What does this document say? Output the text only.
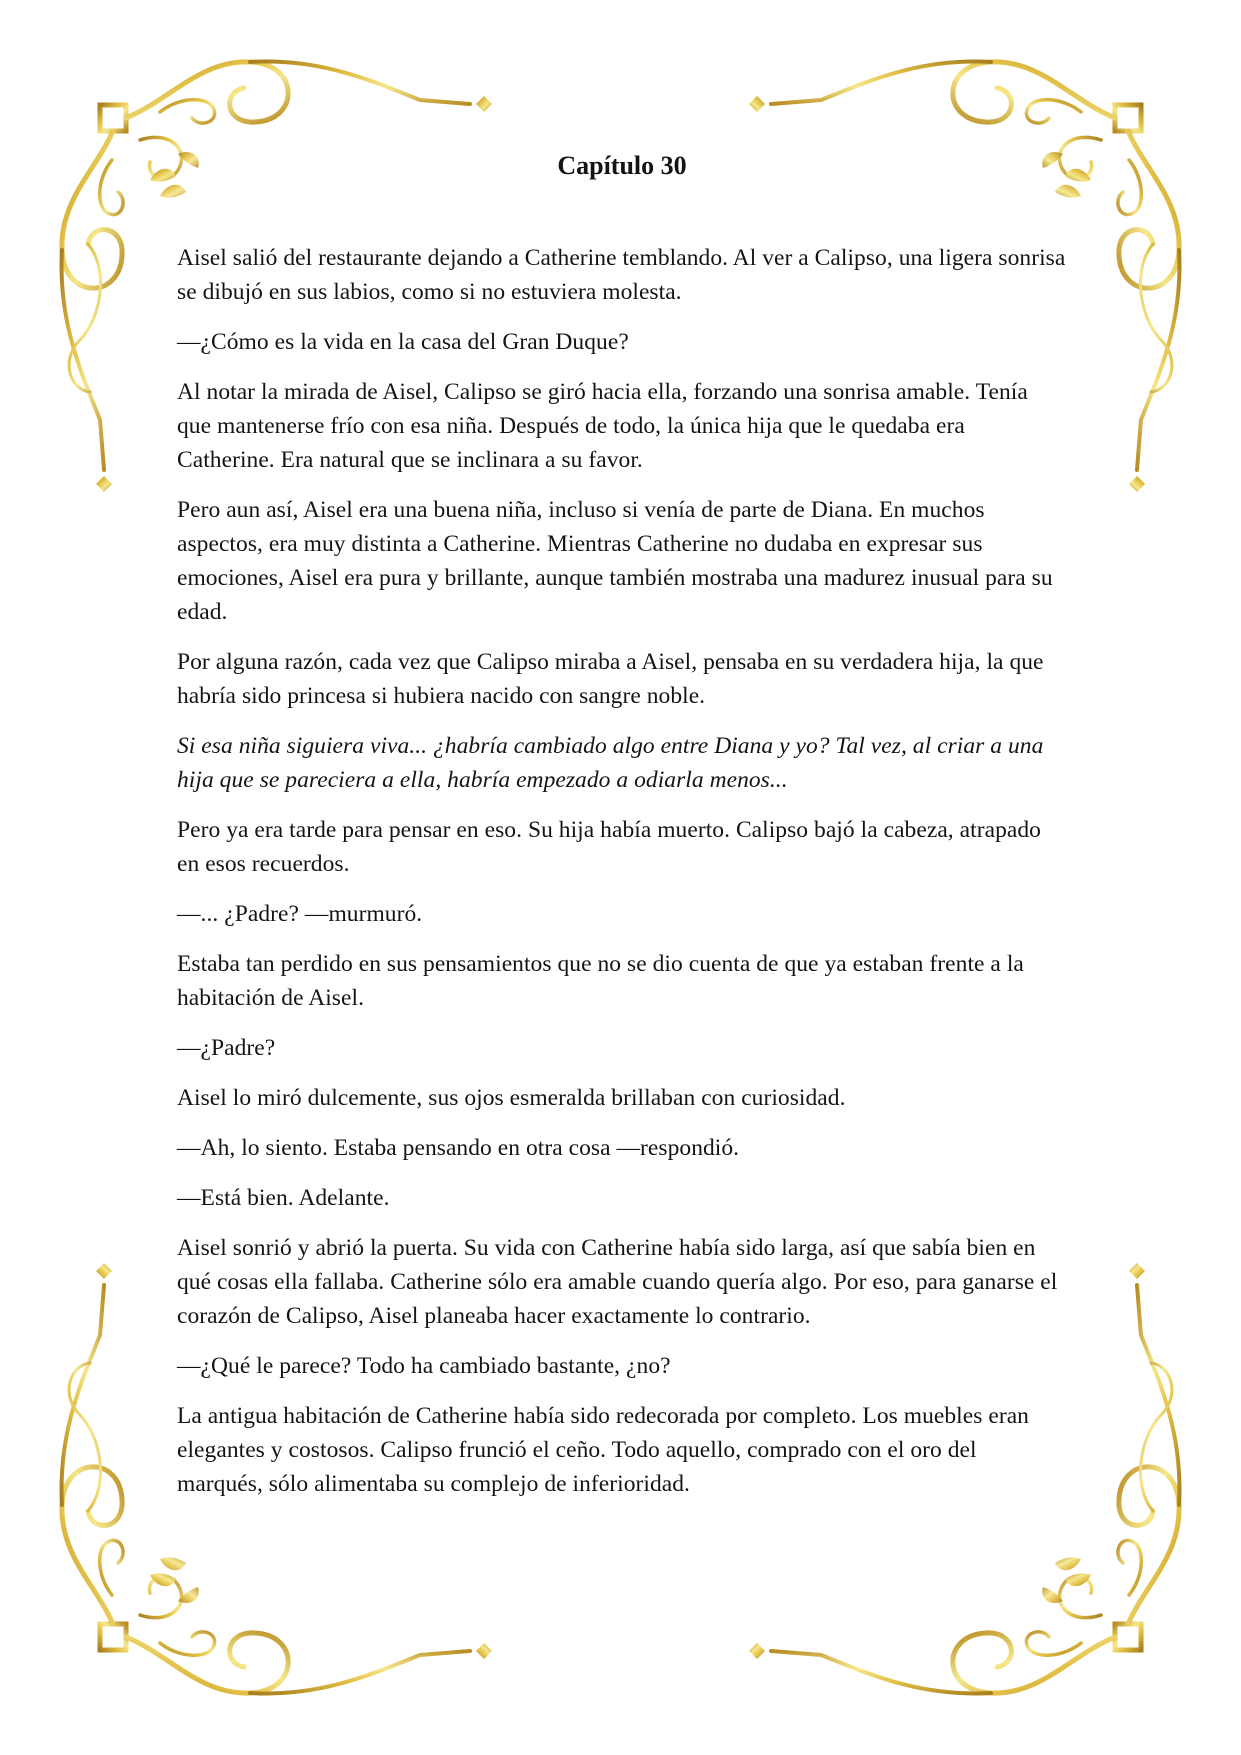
Capítulo 30

Aisel salió del restaurante dejando a Catherine temblando. Al ver a Calipso, una ligera sonrisa se dibujó en sus labios, como si no estuviera molesta.

—¿Cómo es la vida en la casa del Gran Duque?

Al notar la mirada de Aisel, Calipso se giró hacia ella, forzando una sonrisa amable. Tenía que mantenerse frío con esa niña. Después de todo, la única hija que le quedaba era Catherine. Era natural que se inclinara a su favor.

Pero aun así, Aisel era una buena niña, incluso si venía de parte de Diana. En muchos aspectos, era muy distinta a Catherine. Mientras Catherine no dudaba en expresar sus emociones, Aisel era pura y brillante, aunque también mostraba una madurez inusual para su edad.

Por alguna razón, cada vez que Calipso miraba a Aisel, pensaba en su verdadera hija, la que habría sido princesa si hubiera nacido con sangre noble.

Si esa niña siguiera viva... ¿habría cambiado algo entre Diana y yo? Tal vez, al criar a una hija que se pareciera a ella, habría empezado a odiarla menos...

Pero ya era tarde para pensar en eso. Su hija había muerto. Calipso bajó la cabeza, atrapado en esos recuerdos.

—... ¿Padre? —murmuró.

Estaba tan perdido en sus pensamientos que no se dio cuenta de que ya estaban frente a la habitación de Aisel.

—¿Padre?

Aisel lo miró dulcemente, sus ojos esmeralda brillaban con curiosidad.

—Ah, lo siento. Estaba pensando en otra cosa —respondió.

—Está bien. Adelante.

Aisel sonrió y abrió la puerta. Su vida con Catherine había sido larga, así que sabía bien en qué cosas ella fallaba. Catherine sólo era amable cuando quería algo. Por eso, para ganarse el corazón de Calipso, Aisel planeaba hacer exactamente lo contrario.

—¿Qué le parece? Todo ha cambiado bastante, ¿no?

La antigua habitación de Catherine había sido redecorada por completo. Los muebles eran elegantes y costosos. Calipso frunció el ceño. Todo aquello, comprado con el oro del marqués, sólo alimentaba su complejo de inferioridad.
